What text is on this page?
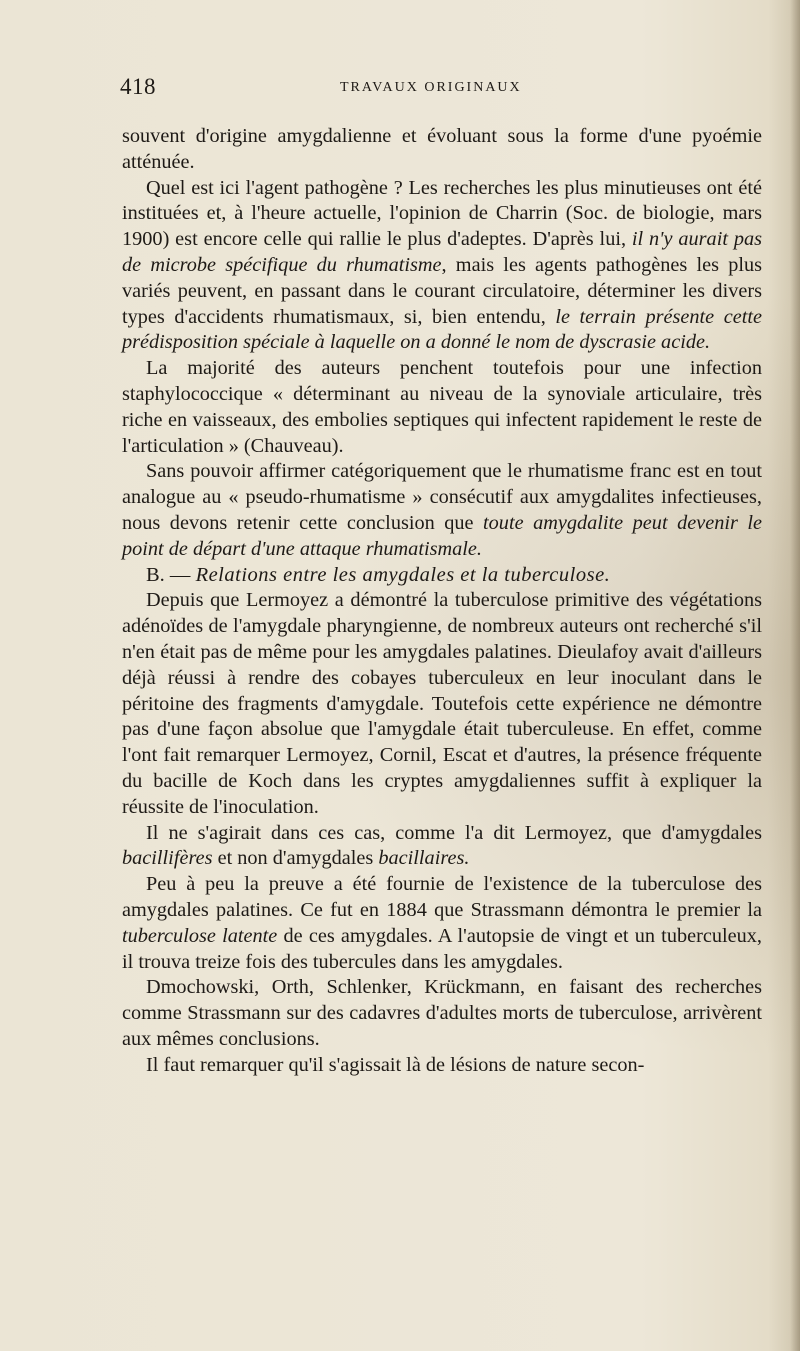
418	TRAVAUX ORIGINAUX

souvent d'origine amygdalienne et évoluant sous la forme d'une pyoémie atténuée.

Quel est ici l'agent pathogène ? Les recherches les plus minutieuses ont été instituées et, à l'heure actuelle, l'opinion de Charrin (Soc. de biologie, mars 1900) est encore celle qui rallie le plus d'adeptes. D'après lui, il n'y aurait pas de microbe spécifique du rhumatisme, mais les agents pathogènes les plus variés peuvent, en passant dans le courant circulatoire, déterminer les divers types d'accidents rhumatismaux, si, bien entendu, le terrain présente cette prédisposition spéciale à laquelle on a donné le nom de dyscrasie acide.

La majorité des auteurs penchent toutefois pour une infection staphylococcique « déterminant au niveau de la synoviale articulaire, très riche en vaisseaux, des embolies septiques qui infectent rapidement le reste de l'articulation » (Chauveau).

Sans pouvoir affirmer catégoriquement que le rhumatisme franc est en tout analogue au « pseudo-rhumatisme » consécutif aux amygdalites infectieuses, nous devons retenir cette conclusion que toute amygdalite peut devenir le point de départ d'une attaque rhumatismale.

B. — Relations entre les amygdales et la tuberculose.

Depuis que Lermoyez a démontré la tuberculose primitive des végétations adénoïdes de l'amygdale pharyngienne, de nombreux auteurs ont recherché s'il n'en était pas de même pour les amygdales palatines. Dieulafoy avait d'ailleurs déjà réussi à rendre des cobayes tuberculeux en leur inoculant dans le péritoine des fragments d'amygdale. Toutefois cette expérience ne démontre pas d'une façon absolue que l'amygdale était tuberculeuse. En effet, comme l'ont fait remarquer Lermoyez, Cornil, Escat et d'autres, la présence fréquente du bacille de Koch dans les cryptes amygdaliennes suffit à expliquer la réussite de l'inoculation.

Il ne s'agirait dans ces cas, comme l'a dit Lermoyez, que d'amygdales bacillifères et non d'amygdales bacillaires.

Peu à peu la preuve a été fournie de l'existence de la tuberculose des amygdales palatines. Ce fut en 1884 que Strassmann démontra le premier la tuberculose latente de ces amygdales. A l'autopsie de vingt et un tuberculeux, il trouva treize fois des tubercules dans les amygdales.

Dmochowski, Orth, Schlenker, Krückmann, en faisant des recherches comme Strassmann sur des cadavres d'adultes morts de tuberculose, arrivèrent aux mêmes conclusions.

Il faut remarquer qu'il s'agissait là de lésions de nature secon-
